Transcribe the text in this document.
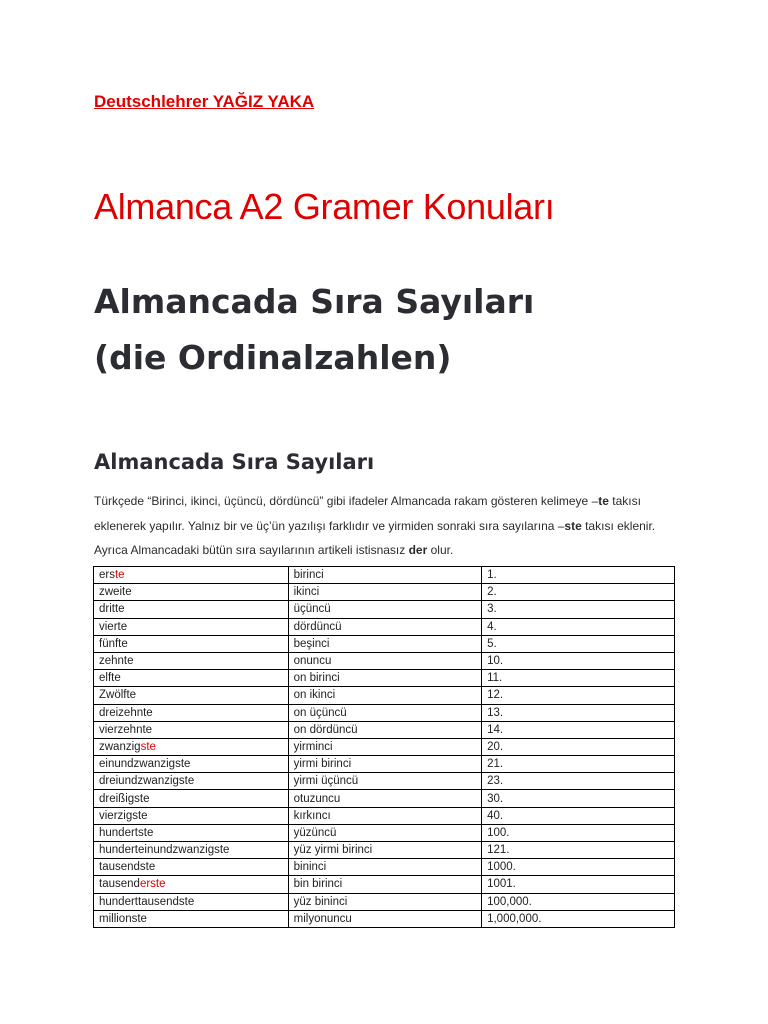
Deutschlehrer YAĞIZ YAKA
Almanca A2 Gramer Konuları
Almancada Sıra Sayıları
(die Ordinalzahlen)
Almancada Sıra Sayıları
Türkçede “Birinci, ikinci, üçüncü, dördüncü” gibi ifadeler Almancada rakam gösteren kelimeye –te takısı eklenerek yapılır. Yalnız bir ve üç’ün yazılışı farklıdır ve yirmiden sonraki sıra sayılarına –ste takısı eklenir. Ayrıca Almancadaki bütün sıra sayılarının artikeli istisnasız der olur.
erste	birinci	1.
zweite	ikinci	2.
dritte	üçüncü	3.
vierte	dördüncü	4.
fünfte	beşinci	5.
zehnte	onuncu	10.
elfte	on birinci	11.
Zwölfte	on ikinci	12.
dreizehnte	on üçüncü	13.
vierzehnte	on dördüncü	14.
zwanzigste	yirminci	20.
einundzwanzigste	yirmi birinci	21.
dreiundzwanzigste	yirmi üçüncü	23.
dreißigste	otuzuncu	30.
vierzigste	kırkıncı	40.
hundertste	yüzüncü	100.
hunderteinundzwanzigste	yüz yirmi birinci	121.
tausendste	bininci	1000.
tausenderste	bin birinci	1001.
hunderttausendste	yüz bininci	100,000.
millionste	milyonuncu	1,000,000.
